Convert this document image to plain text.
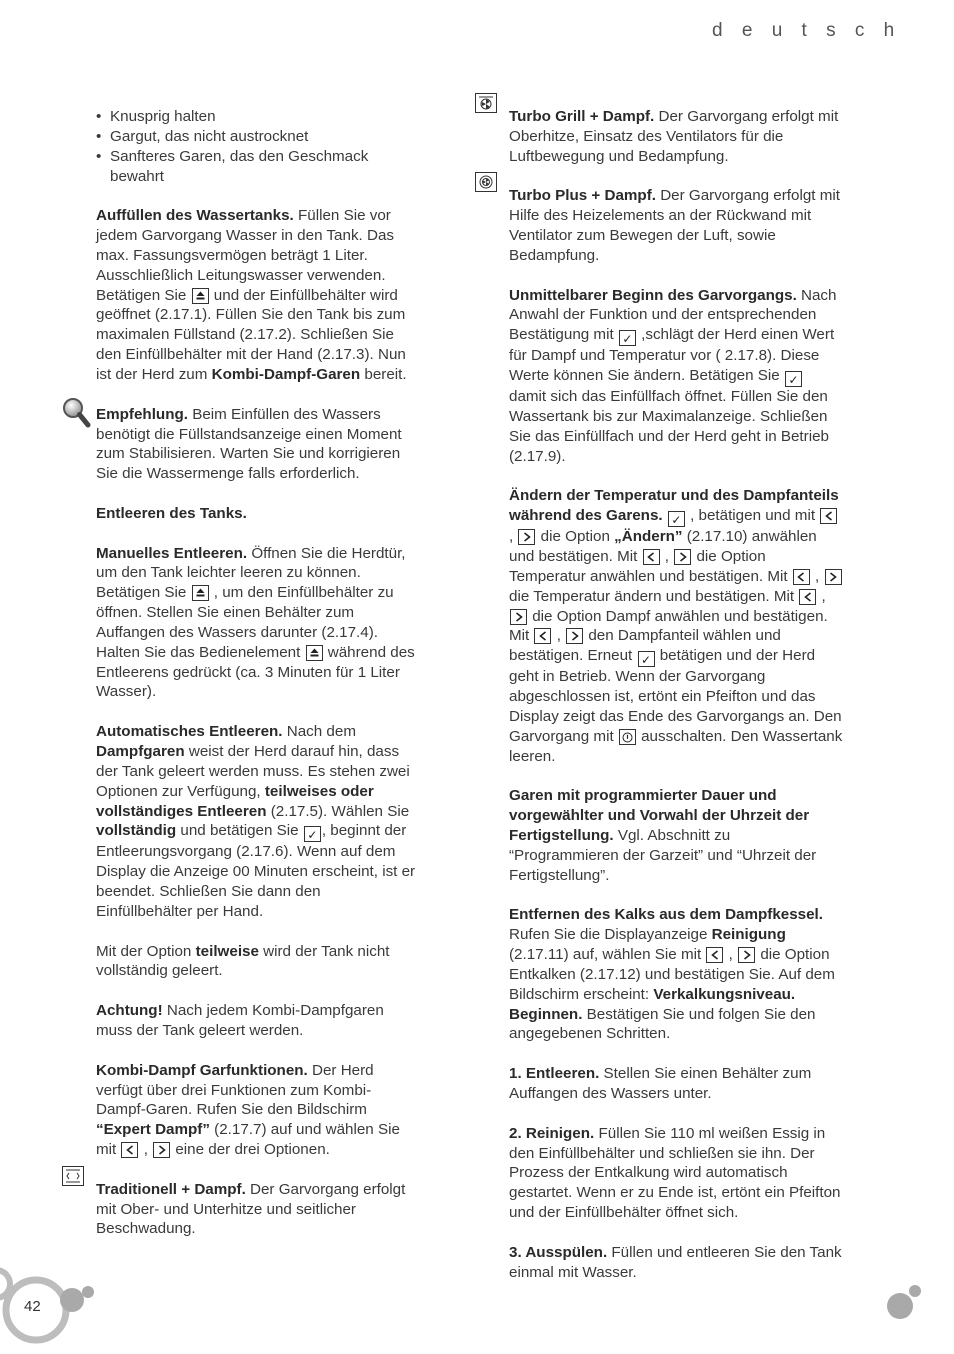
d e u t s c h
• Knusprig halten
• Gargut, das nicht austrocknet
• Sanfteres Garen, das den Geschmack bewahrt

Auffüllen des Wassertanks. Füllen Sie vor jedem Garvorgang Wasser in den Tank. Das max. Fassungsvermögen beträgt 1 Liter. Ausschließlich Leitungswasser verwenden. Betätigen Sie
und der Einfüllbehälter wird geöffnet (2.17.1). Füllen Sie den Tank bis zum maximalen Füllstand (2.17.2). Schließen Sie den Einfüllbehälter mit der Hand (2.17.3). Nun ist der Herd zum Kombi-Dampf-Garen bereit.

Empfehlung. Beim Einfüllen des Wassers benötigt die Füllstandsanzeige einen Moment zum Stabilisieren. Warten Sie und korrigieren Sie die Wassermenge falls erforderlich.

Entleeren des Tanks.

Manuelles Entleeren. Öffnen Sie die Herdtür, um den Tank leichter leeren zu können. Betätigen Sie
, um den Einfüllbehälter zu öffnen. Stellen Sie einen Behälter zum Auffangen des Wassers darunter (2.17.4). Halten Sie das Bedienelement
während des Entleerens gedrückt (ca. 3 Minuten für 1 Liter Wasser).

Automatisches Entleeren. Nach dem Dampfgaren weist der Herd darauf hin, dass der Tank geleert werden muss. Es stehen zwei Optionen zur Verfügung, teilweises oder vollständiges Entleeren (2.17.5). Wählen Sie vollständig und betätigen Sie ✓ , beginnt der Entleerungsvorgang (2.17.6). Wenn auf dem Display die Anzeige 00 Minuten erscheint, ist er beendet. Schließen Sie dann den Einfüllbehälter per Hand.

Mit der Option teilweise wird der Tank nicht vollständig geleert.

Achtung! Nach jedem Kombi-Dampfgaren muss der Tank geleert werden.

Kombi-Dampf Garfunktionen. Der Herd verfügt über drei Funktionen zum Kombi-Dampf-Garen. Rufen Sie den Bildschirm “Expert Dampf” (2.17.7) auf und wählen Sie mit
,
eine der drei Optionen.

Traditionell + Dampf. Der Garvorgang erfolgt mit Ober- und Unterhitze und seitlicher Beschwadung.

Turbo Grill + Dampf. Der Garvorgang erfolgt mit Oberhitze, Einsatz des Ventilators für die Luftbewegung und Bedampfung.

Turbo Plus + Dampf. Der Garvorgang erfolgt mit Hilfe des Heizelements an der Rückwand mit Ventilator zum Bewegen der Luft, sowie Bedampfung.

Unmittelbarer Beginn des Garvorgangs. Nach Anwahl der Funktion und der entsprechenden Bestätigung mit ✓ ,schlägt der Herd einen Wert für Dampf und Temperatur vor ( 2.17.8). Diese Werte können Sie ändern. Betätigen Sie ✓ damit sich das Einfüllfach öffnet. Füllen Sie den Wassertank bis zur Maximalanzeige. Schließen Sie das Einfüllfach und der Herd geht in Betrieb (2.17.9).

Ändern der Temperatur und des Dampfanteils während des Garens. ✓ , betätigen und mit
,
die Option „Ändern” (2.17.10) anwählen und bestätigen. Mit
,
die Option Temperatur anwählen und bestätigen. Mit
,
die Temperatur ändern und bestätigen. Mit
,
die Option Dampf anwählen und bestätigen. Mit
,
den Dampfanteil wählen und bestätigen. Erneut ✓ betätigen und der Herd geht in Betrieb. Wenn der Garvorgang abgeschlossen ist, ertönt ein Pfeifton und das Display zeigt das Ende des Garvorgangs an. Den Garvorgang mit
ausschalten. Den Wassertank leeren.

Garen mit programmierter Dauer und vorgewählter und Vorwahl der Uhrzeit der Fertigstellung. Vgl. Abschnitt zu “Programmieren der Garzeit” und “Uhrzeit der Fertigstellung”.

Entfernen des Kalks aus dem Dampfkessel. Rufen Sie die Displayanzeige Reinigung (2.17.11) auf, wählen Sie mit
,
die Option Entkalken (2.17.12) und bestätigen Sie. Auf dem Bildschirm erscheint: Verkalkungsniveau. Beginnen. Bestätigen Sie und folgen Sie den angegebenen Schritten.

1. Entleeren. Stellen Sie einen Behälter zum Auffangen des Wassers unter.

2. Reinigen. Füllen Sie 110 ml weißen Essig in den Einfüllbehälter und schließen sie ihn. Der Prozess der Entkalkung wird automatisch gestartet. Wenn er zu Ende ist, ertönt ein Pfeifton und der Einfüllbehälter öffnet sich.

3. Ausspülen. Füllen und entleeren Sie den Tank einmal mit Wasser.

42
